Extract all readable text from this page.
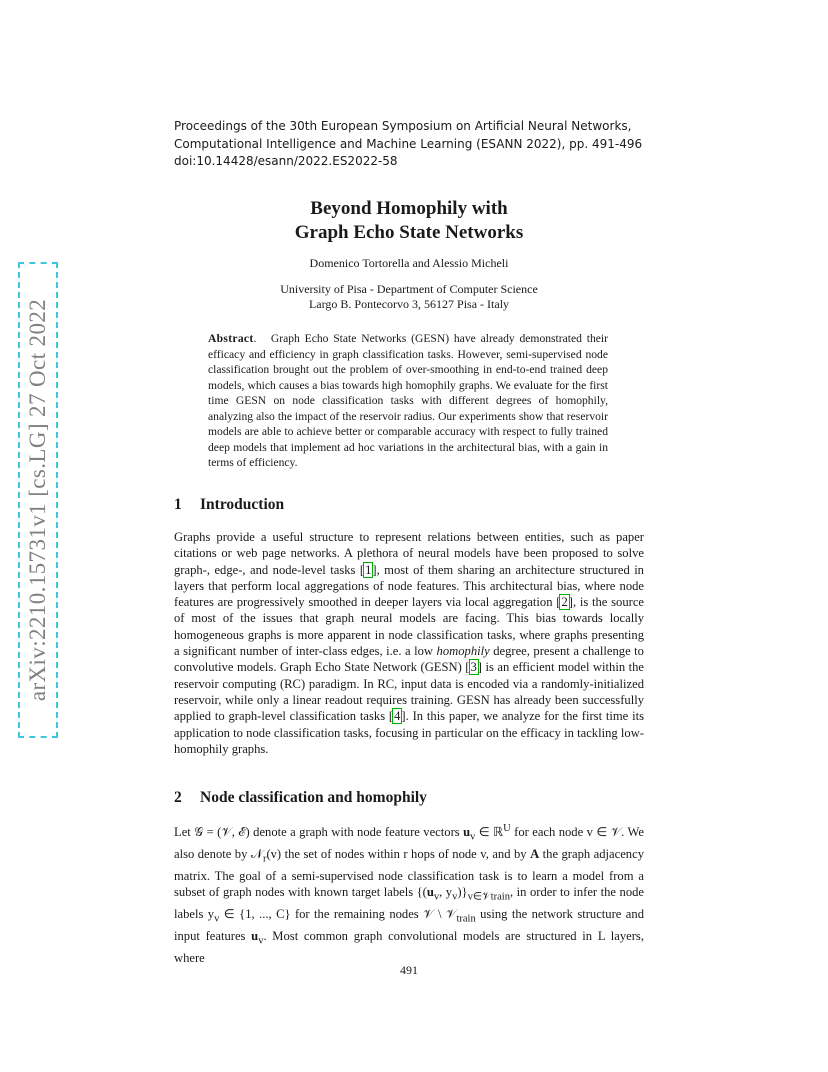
arXiv:2210.15731v1 [cs.LG] 27 Oct 2022
Proceedings of the 30th European Symposium on Artificial Neural Networks,
Computational Intelligence and Machine Learning (ESANN 2022), pp. 491-496
doi:10.14428/esann/2022.ES2022-58
Beyond Homophily with
Graph Echo State Networks
Domenico Tortorella and Alessio Micheli
University of Pisa - Department of Computer Science
Largo B. Pontecorvo 3, 56127 Pisa - Italy
Abstract.   Graph Echo State Networks (GESN) have already demonstrated their efficacy and efficiency in graph classification tasks. However, semi-supervised node classification brought out the problem of over-smoothing in end-to-end trained deep models, which causes a bias towards high homophily graphs. We evaluate for the first time GESN on node classification tasks with different degrees of homophily, analyzing also the impact of the reservoir radius. Our experiments show that reservoir models are able to achieve better or comparable accuracy with respect to fully trained deep models that implement ad hoc variations in the architectural bias, with a gain in terms of efficiency.
1 Introduction

Graphs provide a useful structure to represent relations between entities, such as paper citations or web page networks. A plethora of neural models have been proposed to solve graph-, edge-, and node-level tasks [1], most of them sharing an architecture structured in layers that perform local aggregations of node features. This architectural bias, where node features are progressively smoothed in deeper layers via local aggregation [2], is the source of most of the issues that graph neural models are facing. This bias towards locally homogeneous graphs is more apparent in node classification tasks, where graphs presenting a significant number of inter-class edges, i.e. a low homophily degree, present a challenge to convolutive models. Graph Echo State Network (GESN) [3] is an efficient model within the reservoir computing (RC) paradigm. In RC, input data is encoded via a randomly-initialized reservoir, while only a linear readout requires training. GESN has already been successfully applied to graph-level classification tasks [4]. In this paper, we analyze for the first time its application to node classification tasks, focusing in particular on the efficacy in tackling low-homophily graphs.

2 Node classification and homophily

Let 𝒢 = (𝒱, ℰ) denote a graph with node feature vectors $u_v$ ∈ ℝ$^U$ for each node v ∈ 𝒱. We also denote by 𝒩$_r$(v) the set of nodes within r hops of node v, and by A the graph adjacency matrix. The goal of a semi-supervised node classification task is to learn a model from a subset of graph nodes with known target labels {($u_v$, $y_v)\}_{v\in 𝒱train}$, in order to infer the node labels $y_v$ ∈ {1, ..., C} for the remaining nodes 𝒱 \ 𝒱$_{train}$ using the network structure and input features $u_v$. Most common graph convolutional models are structured in L layers, where

491
